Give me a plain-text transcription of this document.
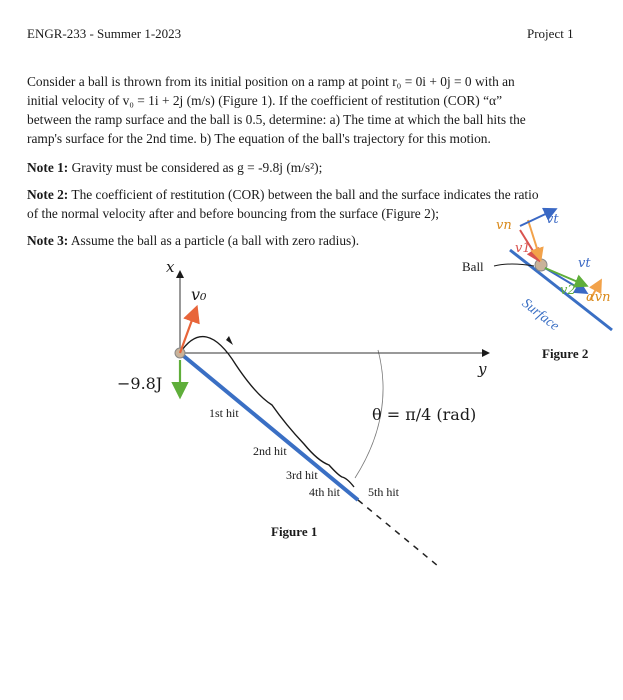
ENGR-233 - Summer 1-2023	Project 1
Consider a ball is thrown from its initial position on a ramp at point r₀ = 0i + 0j = 0 with an
initial velocity of v₀ = 1i + 2j (m/s) (Figure 1). If the coefficient of restitution (COR) “α”
between the ramp surface and the ball is 0.5, determine: a) The time at which the ball hits the
ramp's surface for the 2nd time. b) The equation of the ball's trajectory for this motion.
Note 1: Gravity must be considered as g = -9.8j (m/s²);
Note 2: The coefficient of restitution (COR) between the ball and the surface indicates the ratio
of the normal velocity after and before bouncing from the surface (Figure 2);
Note 3: Assume the ball as a particle (a ball with zero radius).
x
y
v₀
−9.8J
θ = π/4 (rad)
1st hit
2nd hit
3rd hit
4th hit 5th hit
Figure 1
vn	vt
v1
Ball	vt
v2 αvn
Surface
Figure 2
